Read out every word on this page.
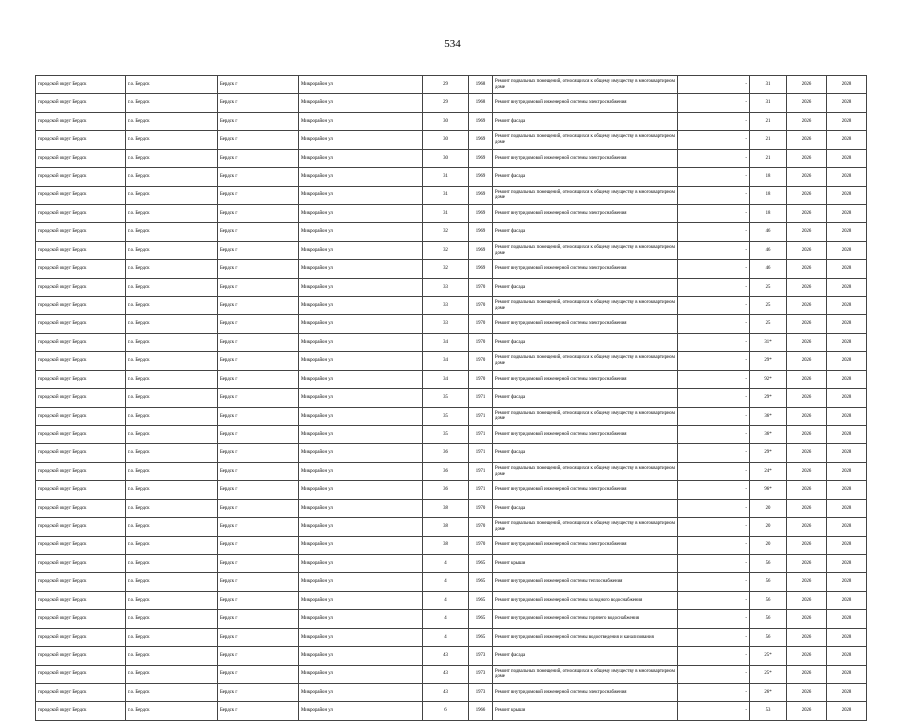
534
городской округ Бердск	г.о. Бердск	Бердск г	Микрорайон ул	29	1968	Ремонт подвальных помещений, относящихся к общему имуществу в многоквартирном доме	-	31	2026	2028
городской округ Бердск	г.о. Бердск	Бердск г	Микрорайон ул	29	1968	Ремонт внутридомовой инженерной системы электроснабжения	-	31	2026	2028
городской округ Бердск	г.о. Бердск	Бердск г	Микрорайон ул	30	1969	Ремонт фасада	-	21	2026	2028
городской округ Бердск	г.о. Бердск	Бердск г	Микрорайон ул	30	1969	Ремонт подвальных помещений, относящихся к общему имуществу в многоквартирном доме	-	21	2026	2028
городской округ Бердск	г.о. Бердск	Бердск г	Микрорайон ул	30	1969	Ремонт внутридомовой инженерной системы электроснабжения	-	21	2026	2028
городской округ Бердск	г.о. Бердск	Бердск г	Микрорайон ул	31	1969	Ремонт фасада	-	18	2026	2028
городской округ Бердск	г.о. Бердск	Бердск г	Микрорайон ул	31	1969	Ремонт подвальных помещений, относящихся к общему имуществу в многоквартирном доме	-	18	2026	2028
городской округ Бердск	г.о. Бердск	Бердск г	Микрорайон ул	31	1969	Ремонт внутридомовой инженерной системы электроснабжения	-	18	2026	2028
городской округ Бердск	г.о. Бердск	Бердск г	Микрорайон ул	32	1969	Ремонт фасада	-	46	2026	2028
городской округ Бердск	г.о. Бердск	Бердск г	Микрорайон ул	32	1969	Ремонт подвальных помещений, относящихся к общему имуществу в многоквартирном доме	-	46	2026	2028
городской округ Бердск	г.о. Бердск	Бердск г	Микрорайон ул	32	1969	Ремонт внутридомовой инженерной системы электроснабжения	-	46	2026	2028
городской округ Бердск	г.о. Бердск	Бердск г	Микрорайон ул	33	1970	Ремонт фасада	-	25	2026	2028
городской округ Бердск	г.о. Бердск	Бердск г	Микрорайон ул	33	1970	Ремонт подвальных помещений, относящихся к общему имуществу в многоквартирном доме	-	25	2026	2028
городской округ Бердск	г.о. Бердск	Бердск г	Микрорайон ул	33	1970	Ремонт внутридомовой инженерной системы электроснабжения	-	25	2026	2028
городской округ Бердск	г.о. Бердск	Бердск г	Микрорайон ул	34	1970	Ремонт фасада	-	31*	2026	2028
городской округ Бердск	г.о. Бердск	Бердск г	Микрорайон ул	34	1970	Ремонт подвальных помещений, относящихся к общему имуществу в многоквартирном доме	-	29*	2026	2028
городской округ Бердск	г.о. Бердск	Бердск г	Микрорайон ул	34	1970	Ремонт внутридомовой инженерной системы электроснабжения	-	92*	2026	2028
городской округ Бердск	г.о. Бердск	Бердск г	Микрорайон ул	35	1971	Ремонт фасада	-	29*	2026	2028
городской округ Бердск	г.о. Бердск	Бердск г	Микрорайон ул	35	1971	Ремонт подвальных помещений, относящихся к общему имуществу в многоквартирном доме	-	36*	2026	2028
городской округ Бердск	г.о. Бердск	Бердск г	Микрорайон ул	35	1971	Ремонт внутридомовой инженерной системы электроснабжения	-	36*	2026	2028
городской округ Бердск	г.о. Бердск	Бердск г	Микрорайон ул	36	1971	Ремонт фасада	-	29*	2026	2028
городской округ Бердск	г.о. Бердск	Бердск г	Микрорайон ул	36	1971	Ремонт подвальных помещений, относящихся к общему имуществу в многоквартирном доме	-	24*	2026	2028
городской округ Бердск	г.о. Бердск	Бердск г	Микрорайон ул	36	1971	Ремонт внутридомовой инженерной системы электроснабжения	-	96*	2026	2028
городской округ Бердск	г.о. Бердск	Бердск г	Микрорайон ул	38	1970	Ремонт фасада	-	20	2026	2028
городской округ Бердск	г.о. Бердск	Бердск г	Микрорайон ул	38	1970	Ремонт подвальных помещений, относящихся к общему имуществу в многоквартирном доме	-	20	2026	2028
городской округ Бердск	г.о. Бердск	Бердск г	Микрорайон ул	38	1970	Ремонт внутридомовой инженерной системы электроснабжения	-	20	2026	2028
городской округ Бердск	г.о. Бердск	Бердск г	Микрорайон ул	4	1965	Ремонт крыши	-	56	2026	2028
городской округ Бердск	г.о. Бердск	Бердск г	Микрорайон ул	4	1965	Ремонт внутридомовой инженерной системы теплоснабжения	-	56	2026	2028
городской округ Бердск	г.о. Бердск	Бердск г	Микрорайон ул	4	1965	Ремонт внутридомовой инженерной системы холодного водоснабжения	-	56	2026	2028
городской округ Бердск	г.о. Бердск	Бердск г	Микрорайон ул	4	1965	Ремонт внутридомовой инженерной системы горячего водоснабжения	-	56	2026	2028
городской округ Бердск	г.о. Бердск	Бердск г	Микрорайон ул	4	1965	Ремонт внутридомовой инженерной системы водоотведения и канализования	-	56	2026	2028
городской округ Бердск	г.о. Бердск	Бердск г	Микрорайон ул	43	1973	Ремонт фасада	-	25*	2026	2028
городской округ Бердск	г.о. Бердск	Бердск г	Микрорайон ул	43	1973	Ремонт подвальных помещений, относящихся к общему имуществу в многоквартирном доме	-	25*	2026	2028
городской округ Бердск	г.о. Бердск	Бердск г	Микрорайон ул	43	1973	Ремонт внутридомовой инженерной системы электроснабжения	-	26*	2026	2028
городской округ Бердск	г.о. Бердск	Бердск г	Микрорайон ул	6	1966	Ремонт крыши	-	53	2026	2028
